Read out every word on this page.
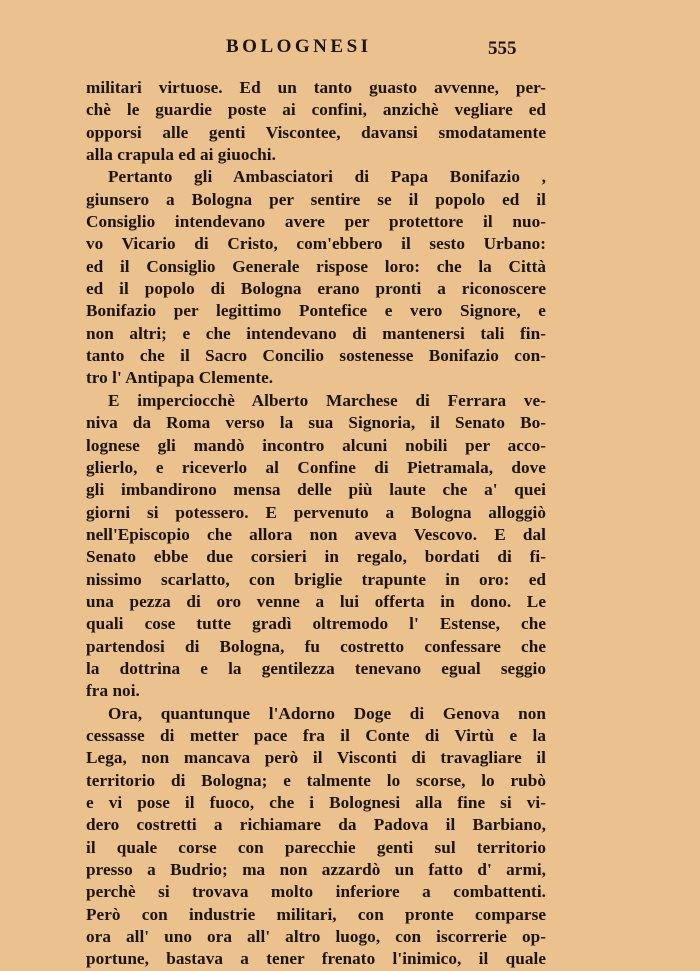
BOLOGNESI	555
militari virtuose. Ed un tanto guasto avvenne, per-
chè le guardie poste ai confini, anzichè vegliare ed
opporsi alle genti Viscontee, davansi smodatamente
alla crapula ed ai giuochi.
Pertanto gli Ambasciatori di Papa Bonifazio ,
giunsero a Bologna per sentire se il popolo ed il
Consiglio intendevano avere per protettore il nuo-
vo Vicario di Cristo, com'ebbero il sesto Urbano:
ed il Consiglio Generale rispose loro: che la Città
ed il popolo di Bologna erano pronti a riconoscere
Bonifazio per legittimo Pontefice e vero Signore, e
non altri; e che intendevano di mantenersi tali fin-
tanto che il Sacro Concilio sostenesse Bonifazio con-
tro l' Antipapa Clemente.
E imperciocchè Alberto Marchese di Ferrara ve-
niva da Roma verso la sua Signoria, il Senato Bo-
lognese gli mandò incontro alcuni nobili per acco-
glierlo, e riceverlo al Confine di Pietramala, dove
gli imbandirono mensa delle più laute che a' quei
giorni si potessero. E pervenuto a Bologna alloggiò
nell'Episcopio che allora non aveva Vescovo. E dal
Senato ebbe due corsieri in regalo, bordati di fi-
nissimo scarlatto, con briglie trapunte in oro: ed
una pezza di oro venne a lui offerta in dono. Le
quali cose tutte gradì oltremodo l' Estense, che
partendosi di Bologna, fu costretto confessare che
la dottrina e la gentilezza tenevano egual seggio
fra noi.
Ora, quantunque l'Adorno Doge di Genova non
cessasse di metter pace fra il Conte di Virtù e la
Lega, non mancava però il Visconti di travagliare il
territorio di Bologna; e talmente lo scorse, lo rubò
e vi pose il fuoco, che i Bolognesi alla fine si vi-
dero costretti a richiamare da Padova il Barbiano,
il quale corse con parecchie genti sul territorio
presso a Budrio; ma non azzardò un fatto d' armi,
perchè si trovava molto inferiore a combattenti.
Però con industrie militari, con pronte comparse
ora all' uno ora all' altro luogo, con iscorrerie op-
portune, bastava a tener frenato l'inimico, il quale
